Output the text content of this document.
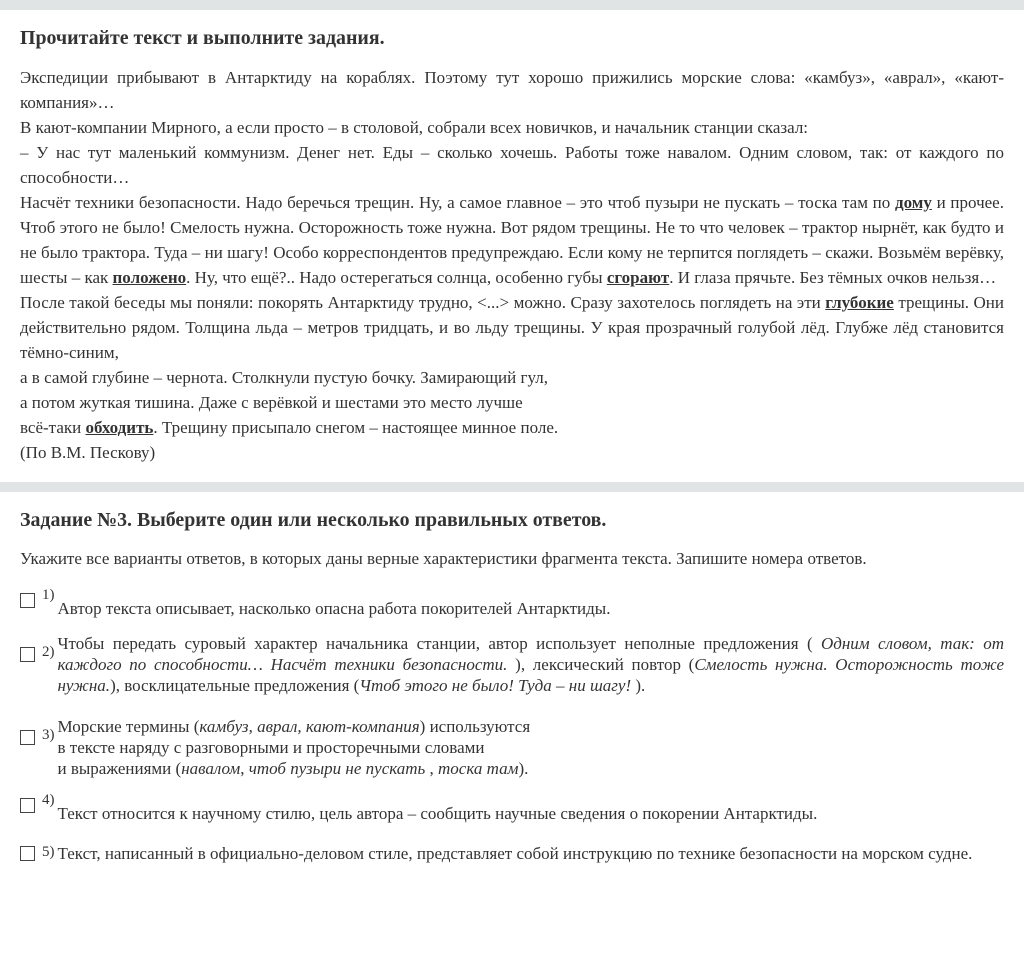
Прочитайте текст и выполните задания.

Экспедиции прибывают в Антарктиду на кораблях. Поэтому тут хорошо прижились морские слова: «камбуз», «аврал», «кают-компания»…

В кают-компании Мирного, а если просто – в столовой, собрали всех новичков, и начальник станции сказал:

– У нас тут маленький коммунизм. Денег нет. Еды – сколько хочешь. Работы тоже навалом. Одним словом, так: от каждого по способности…

Насчёт техники безопасности. Надо беречься трещин. Ну, а самое главное – это чтоб пузыри не пускать – тоска там по дому и прочее. Чтоб этого не было! Смелость нужна. Осторожность тоже нужна. Вот рядом трещины. Не то что человек – трактор нырнёт, как будто и не было трактора. Туда – ни шагу! Особо корреспондентов предупреждаю. Если кому не терпится поглядеть – скажи. Возьмём верёвку, шесты – как положено. Ну, что ещё?.. Надо остерегаться солнца, особенно губы сгорают. И глаза прячьте. Без тёмных очков нельзя…

После такой беседы мы поняли: покорять Антарктиду трудно, <...> можно. Сразу захотелось поглядеть на эти глубокие трещины. Они действительно рядом. Толщина льда – метров тридцать, и во льду трещины. У края прозрачный голубой лёд. Глубже лёд становится тёмно-синим,

а в самой глубине – чернота. Столкнули пустую бочку. Замирающий гул,

а потом жуткая тишина. Даже с верёвкой и шестами это место лучше

всё-таки обходить. Трещину присыпало снегом – настоящее минное поле.

(По В.М. Пескову)

Задание №3. Выберите один или несколько правильных ответов.
Укажите все варианты ответов, в которых даны верные характеристики фрагмента текста. Запишите номера ответов.
1)
Автор текста описывает, насколько опасна работа покорителей Антарктиды.
2) Чтобы передать суровый характер начальника станции, автор использует неполные предложения ( Одним словом, так: от каждого по способности… Насчёт техники безопасности. ), лексический повтор (Смелость нужна. Осторожность тоже нужна.), восклицательные предложения (Чтоб этого не было! Туда – ни шагу! ).
3) Морские термины (камбуз, аврал, кают-компания) используются
в тексте наряду с разговорными и просторечными словами
и выражениями (навалом, чтоб пузыри не пускать , тоска там).
4)
Текст относится к научному стилю, цель автора – сообщить научные сведения о покорении Антарктиды.
5) Текст, написанный в официально-деловом стиле, представляет собой инструкцию по технике безопасности на морском судне.
